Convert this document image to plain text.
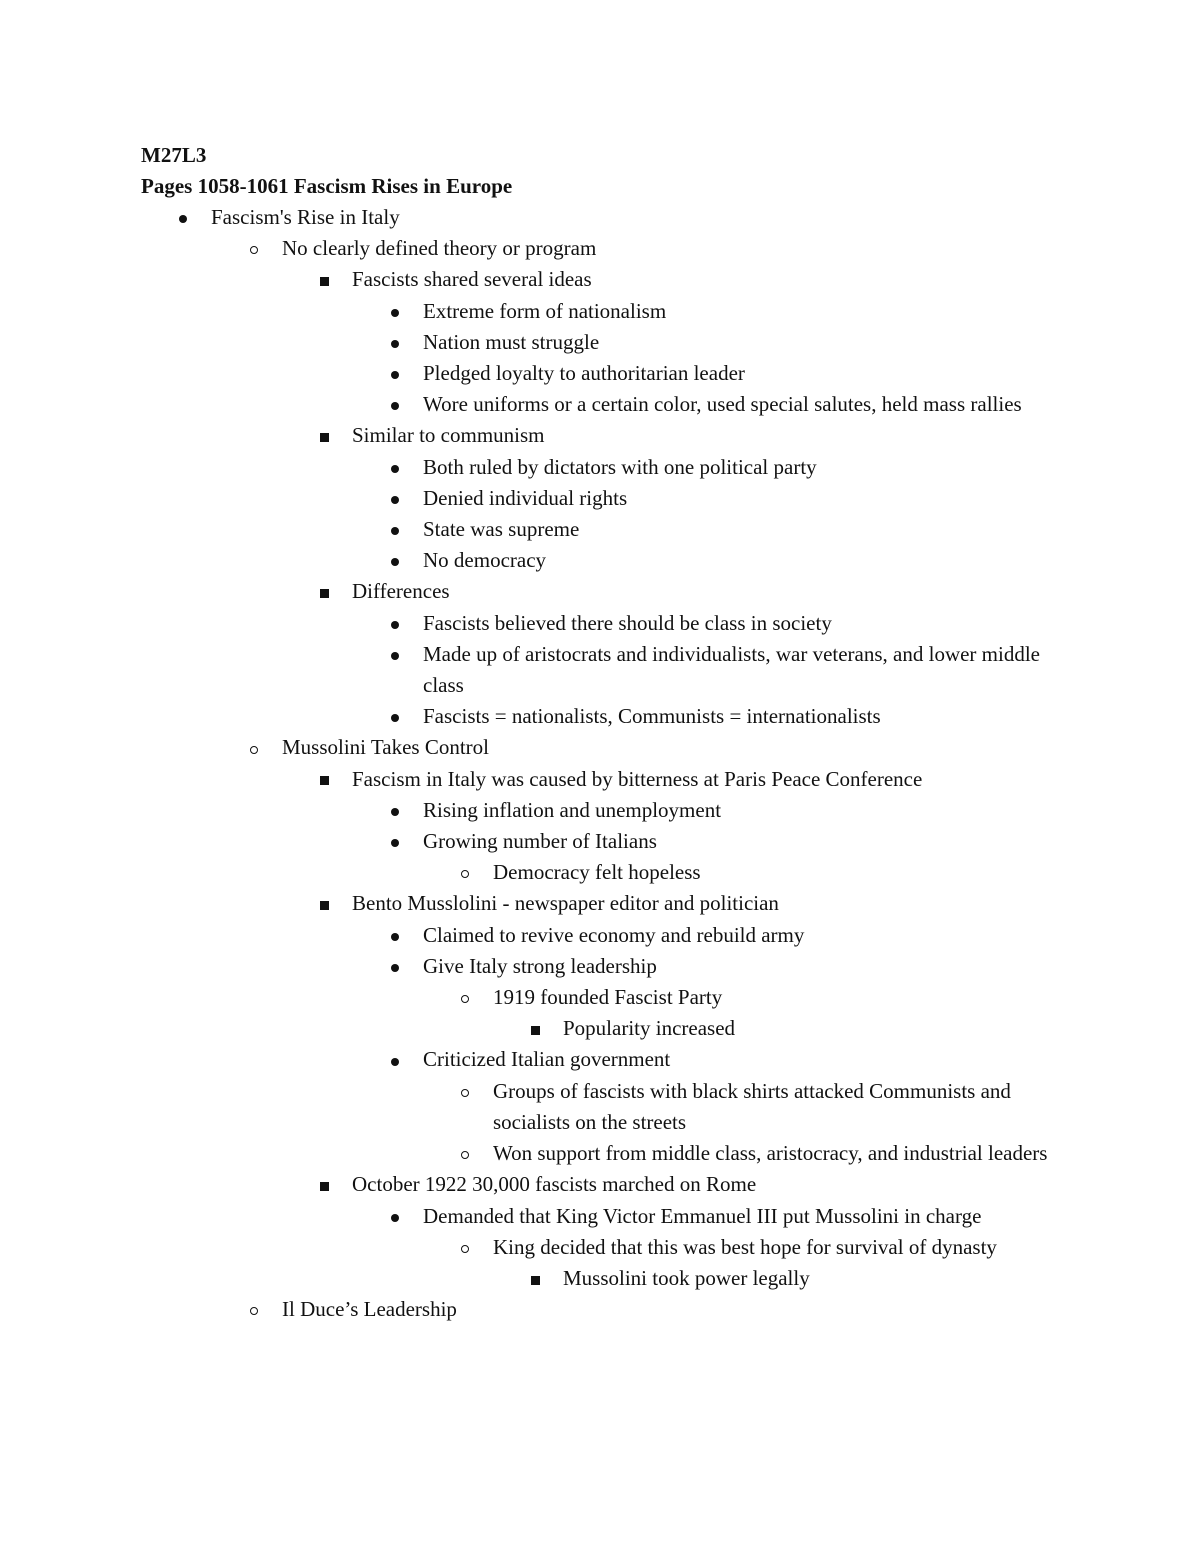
M27L3
Pages 1058-1061 Fascism Rises in Europe
Fascism's Rise in Italy
No clearly defined theory or program
Fascists shared several ideas
Extreme form of nationalism
Nation must struggle
Pledged loyalty to authoritarian leader
Wore uniforms or a certain color, used special salutes, held mass rallies
Similar to communism
Both ruled by dictators with one political party
Denied individual rights
State was supreme
No democracy
Differences
Fascists believed there should be class in society
Made up of aristocrats and individualists, war veterans, and lower middle class
Fascists = nationalists, Communists = internationalists
Mussolini Takes Control
Fascism in Italy was caused by bitterness at Paris Peace Conference
Rising inflation and unemployment
Growing number of Italians
Democracy felt hopeless
Bento Musslolini - newspaper editor and politician
Claimed to revive economy and rebuild army
Give Italy strong leadership
1919 founded Fascist Party
Popularity increased
Criticized Italian government
Groups of fascists with black shirts attacked Communists and socialists on the streets
Won support from middle class, aristocracy, and industrial leaders
October 1922 30,000 fascists marched on Rome
Demanded that King Victor Emmanuel III put Mussolini in charge
King decided that this was best hope for survival of dynasty
Mussolini took power legally
Il Duce’s Leadership
